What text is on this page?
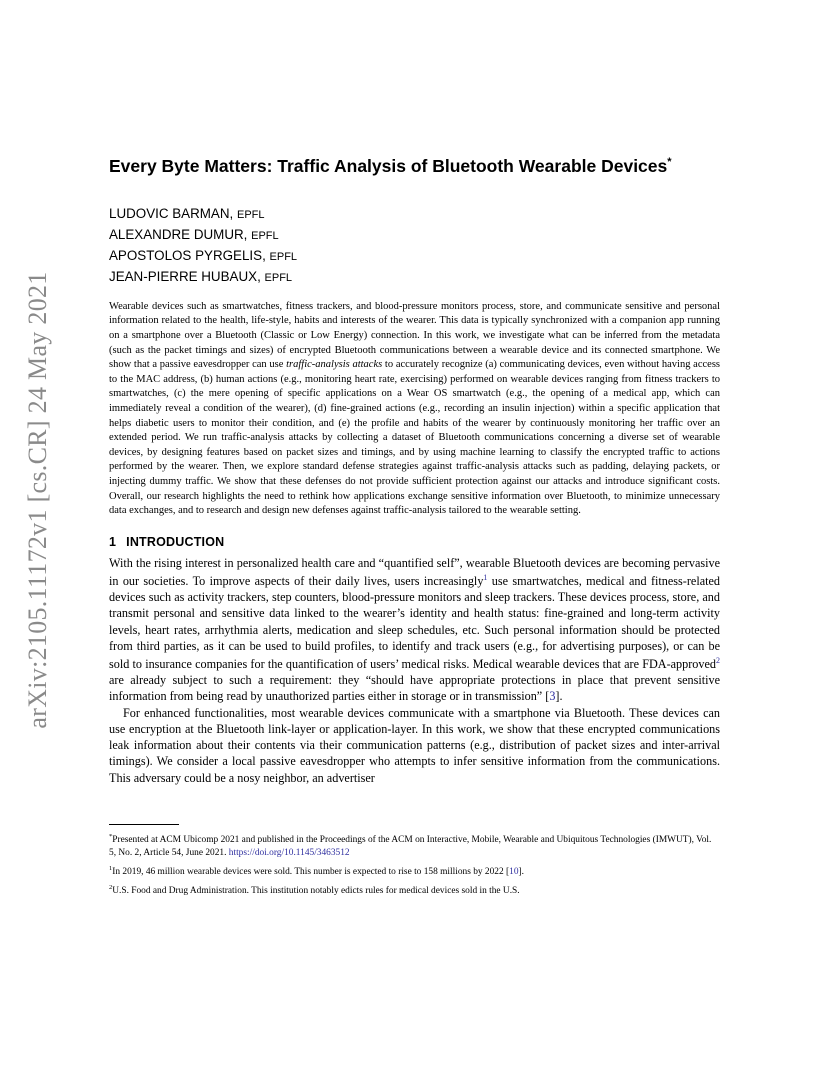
arXiv:2105.11172v1 [cs.CR] 24 May 2021
Every Byte Matters: Traffic Analysis of Bluetooth Wearable Devices*
LUDOVIC BARMAN, EPFL
ALEXANDRE DUMUR, EPFL
APOSTOLOS PYRGELIS, EPFL
JEAN-PIERRE HUBAUX, EPFL

Wearable devices such as smartwatches, fitness trackers, and blood-pressure monitors process, store, and communicate sensitive and personal information related to the health, life-style, habits and interests of the wearer. This data is typically synchronized with a companion app running on a smartphone over a Bluetooth (Classic or Low Energy) connection. In this work, we investigate what can be inferred from the metadata (such as the packet timings and sizes) of encrypted Bluetooth communications between a wearable device and its connected smartphone. We show that a passive eavesdropper can use traffic-analysis attacks to accurately recognize (a) communicating devices, even without having access to the MAC address, (b) human actions (e.g., monitoring heart rate, exercising) performed on wearable devices ranging from fitness trackers to smartwatches, (c) the mere opening of specific applications on a Wear OS smartwatch (e.g., the opening of a medical app, which can immediately reveal a condition of the wearer), (d) fine-grained actions (e.g., recording an insulin injection) within a specific application that helps diabetic users to monitor their condition, and (e) the profile and habits of the wearer by continuously monitoring her traffic over an extended period. We run traffic-analysis attacks by collecting a dataset of Bluetooth communications concerning a diverse set of wearable devices, by designing features based on packet sizes and timings, and by using machine learning to classify the encrypted traffic to actions performed by the wearer. Then, we explore standard defense strategies against traffic-analysis attacks such as padding, delaying packets, or injecting dummy traffic. We show that these defenses do not provide sufficient protection against our attacks and introduce significant costs. Overall, our research highlights the need to rethink how applications exchange sensitive information over Bluetooth, to minimize unnecessary data exchanges, and to research and design new defenses against traffic-analysis tailored to the wearable setting.

1 INTRODUCTION

With the rising interest in personalized health care and “quantified self”, wearable Bluetooth devices are becoming pervasive in our societies. To improve aspects of their daily lives, users increasingly$^1$ use smartwatches, medical and fitness-related devices such as activity trackers, step counters, blood-pressure monitors and sleep trackers. These devices process, store, and transmit personal and sensitive data linked to the wearer’s identity and health status: fine-grained and long-term activity levels, heart rates, arrhythmia alerts, medication and sleep schedules, etc. Such personal information should be protected from third parties, as it can be used to build profiles, to identify and track users (e.g., for advertising purposes), or can be sold to insurance companies for the quantification of users’ medical risks. Medical wearable devices that are FDA-approved$^2$ are already subject to such a requirement: they “should have appropriate protections in place that prevent sensitive information from being read by unauthorized parties either in storage or in transmission” [3].

For enhanced functionalities, most wearable devices communicate with a smartphone via Bluetooth. These devices can use encryption at the Bluetooth link-layer or application-layer. In this work, we show that these encrypted communications leak information about their contents via their communication patterns (e.g., distribution of packet sizes and inter-arrival timings). We consider a local passive eavesdropper who attempts to infer sensitive information from the communications. This adversary could be a nosy neighbor, an advertiser

*Presented at ACM Ubicomp 2021 and published in the Proceedings of the ACM on Interactive, Mobile, Wearable and Ubiquitous Technologies (IMWUT), Vol. 5, No. 2, Article 54, June 2021. https://doi.org/10.1145/3463512

$^1$In 2019, 46 million wearable devices were sold. This number is expected to rise to 158 millions by 2022 [10].

$^2$U.S. Food and Drug Administration. This institution notably edicts rules for medical devices sold in the U.S.
